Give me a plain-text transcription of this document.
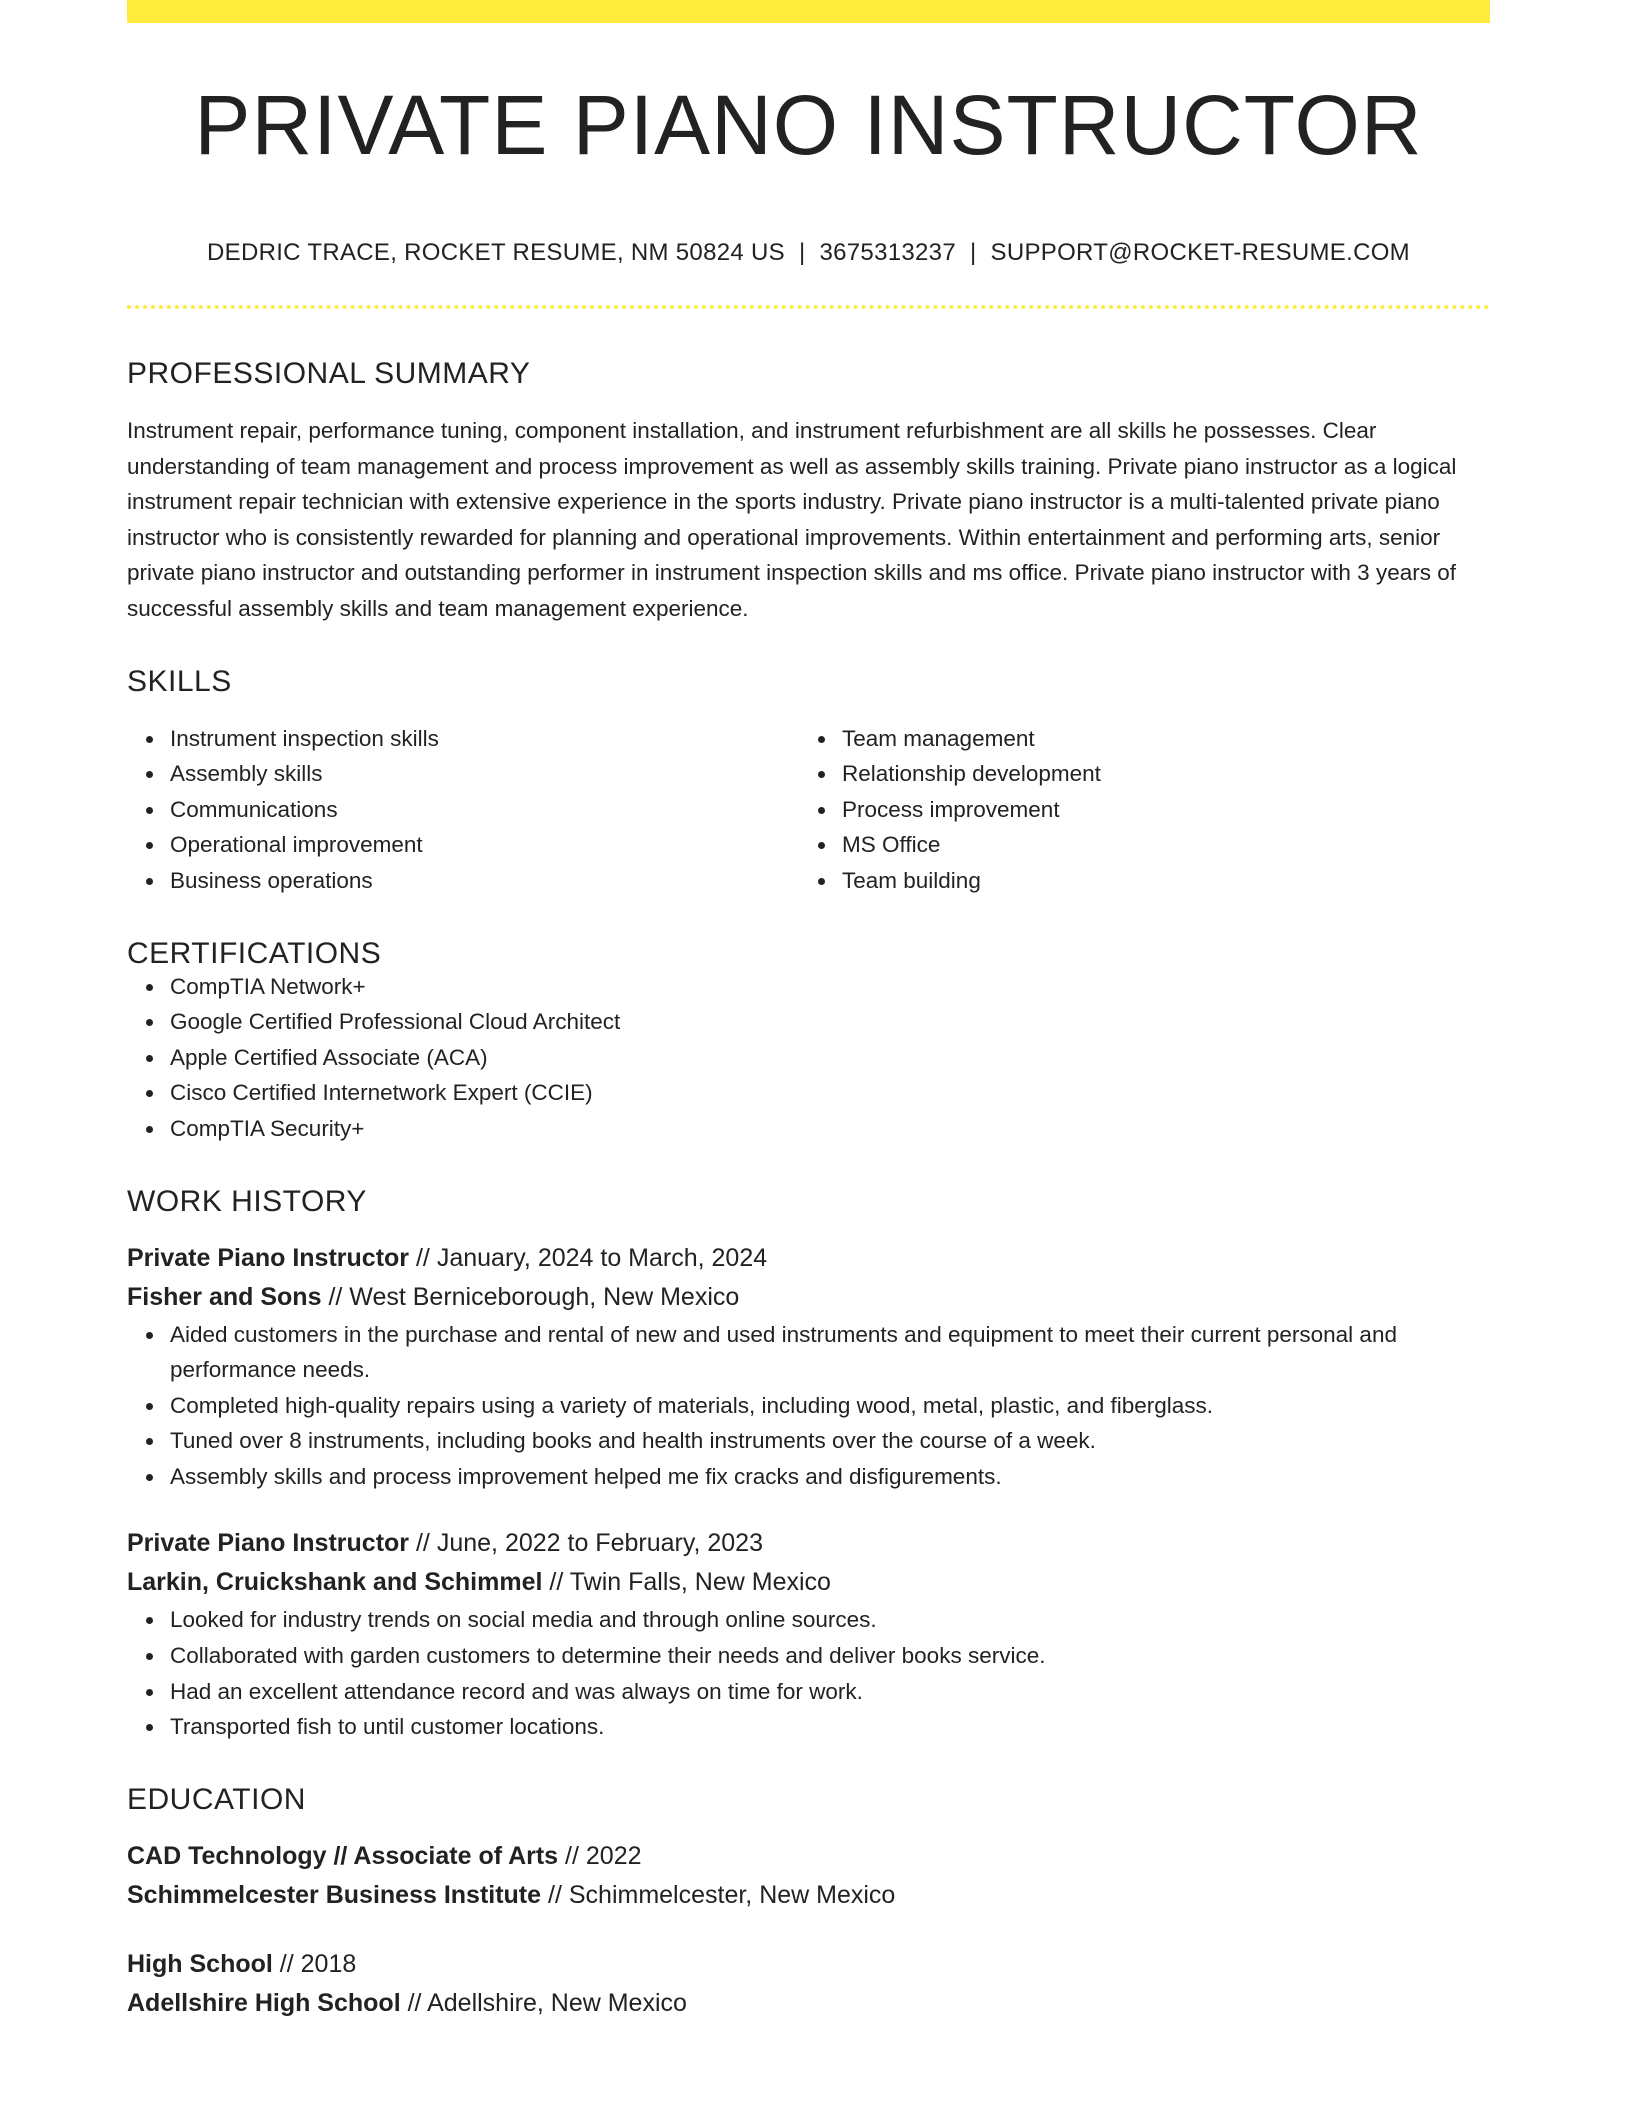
PRIVATE PIANO INSTRUCTOR
DEDRIC TRACE, ROCKET RESUME, NM 50824 US | 3675313237 | SUPPORT@ROCKET-RESUME.COM
PROFESSIONAL SUMMARY

Instrument repair, performance tuning, component installation, and instrument refurbishment are all skills he possesses. Clear understanding of team management and process improvement as well as assembly skills training. Private piano instructor as a logical instrument repair technician with extensive experience in the sports industry. Private piano instructor is a multi-talented private piano instructor who is consistently rewarded for planning and operational improvements. Within entertainment and performing arts, senior private piano instructor and outstanding performer in instrument inspection skills and ms office. Private piano instructor with 3 years of successful assembly skills and team management experience.

SKILLS
Instrument inspection skills
Assembly skills
Communications
Operational improvement
Business operations
Team management
Relationship development
Process improvement
MS Office
Team building
CERTIFICATIONS
CompTIA Network+
Google Certified Professional Cloud Architect
Apple Certified Associate (ACA)
Cisco Certified Internetwork Expert (CCIE)
CompTIA Security+
WORK HISTORY
Private Piano Instructor // January, 2024 to March, 2024
Fisher and Sons // West Berniceborough, New Mexico
Aided customers in the purchase and rental of new and used instruments and equipment to meet their current personal and performance needs.
Completed high-quality repairs using a variety of materials, including wood, metal, plastic, and fiberglass.
Tuned over 8 instruments, including books and health instruments over the course of a week.
Assembly skills and process improvement helped me fix cracks and disfigurements.
Private Piano Instructor // June, 2022 to February, 2023
Larkin, Cruickshank and Schimmel // Twin Falls, New Mexico
Looked for industry trends on social media and through online sources.
Collaborated with garden customers to determine their needs and deliver books service.
Had an excellent attendance record and was always on time for work.
Transported fish to until customer locations.
EDUCATION
CAD Technology // Associate of Arts // 2022
Schimmelcester Business Institute // Schimmelcester, New Mexico
High School // 2018
Adellshire High School // Adellshire, New Mexico
